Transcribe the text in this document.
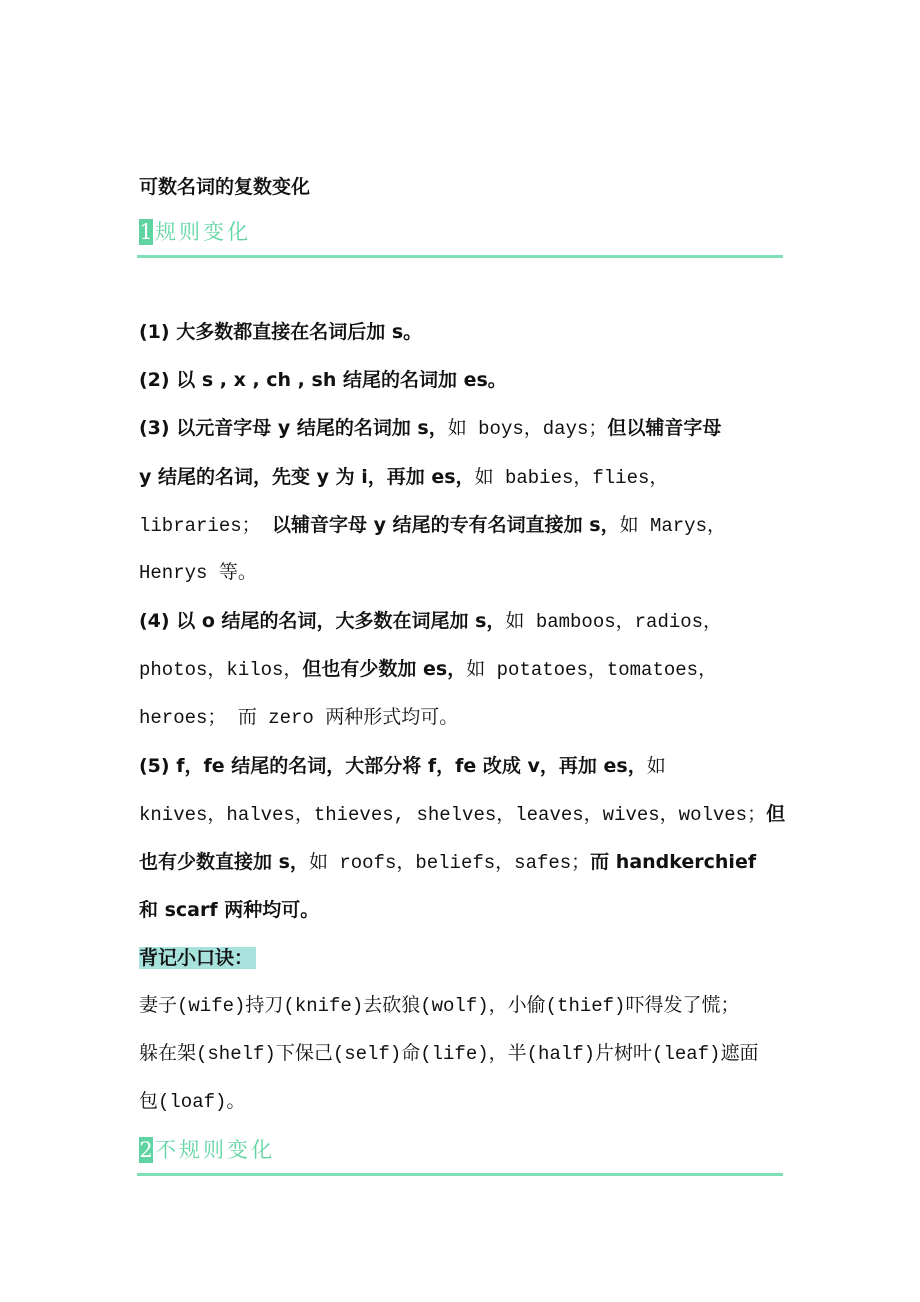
可数名词的复数变化
1 规则变化
(1) 大多数都直接在名词后加 s。
(2) 以 s , x , ch , sh 结尾的名词加 es。
(3) 以元音字母 y 结尾的名词加 s，如 boys，days；但以辅音字母
y 结尾的名词，先变 y 为 i，再加 es，如 babies，flies，
libraries； 以辅音字母 y 结尾的专有名词直接加 s，如 Marys，
Henrys 等。
(4) 以 o 结尾的名词，大多数在词尾加 s，如 bamboos，radios，
photos，kilos，但也有少数加 es，如 potatoes，tomatoes，
heroes； 而 zero 两种形式均可。
(5) f，fe 结尾的名词，大部分将 f，fe 改成 v，再加 es，如
knives，halves，thieves, shelves，leaves，wives，wolves；但
也有少数直接加 s，如 roofs，beliefs，safes；而 handkerchief
和 scarf 两种均可。
背记小口诀：
妻子(wife)持刀(knife)去砍狼(wolf)，小偷(thief)吓得发了慌；
躲在架(shelf)下保己(self)命(life)，半(half)片树叶(leaf)遮面
包(loaf)。
2 不规则变化
